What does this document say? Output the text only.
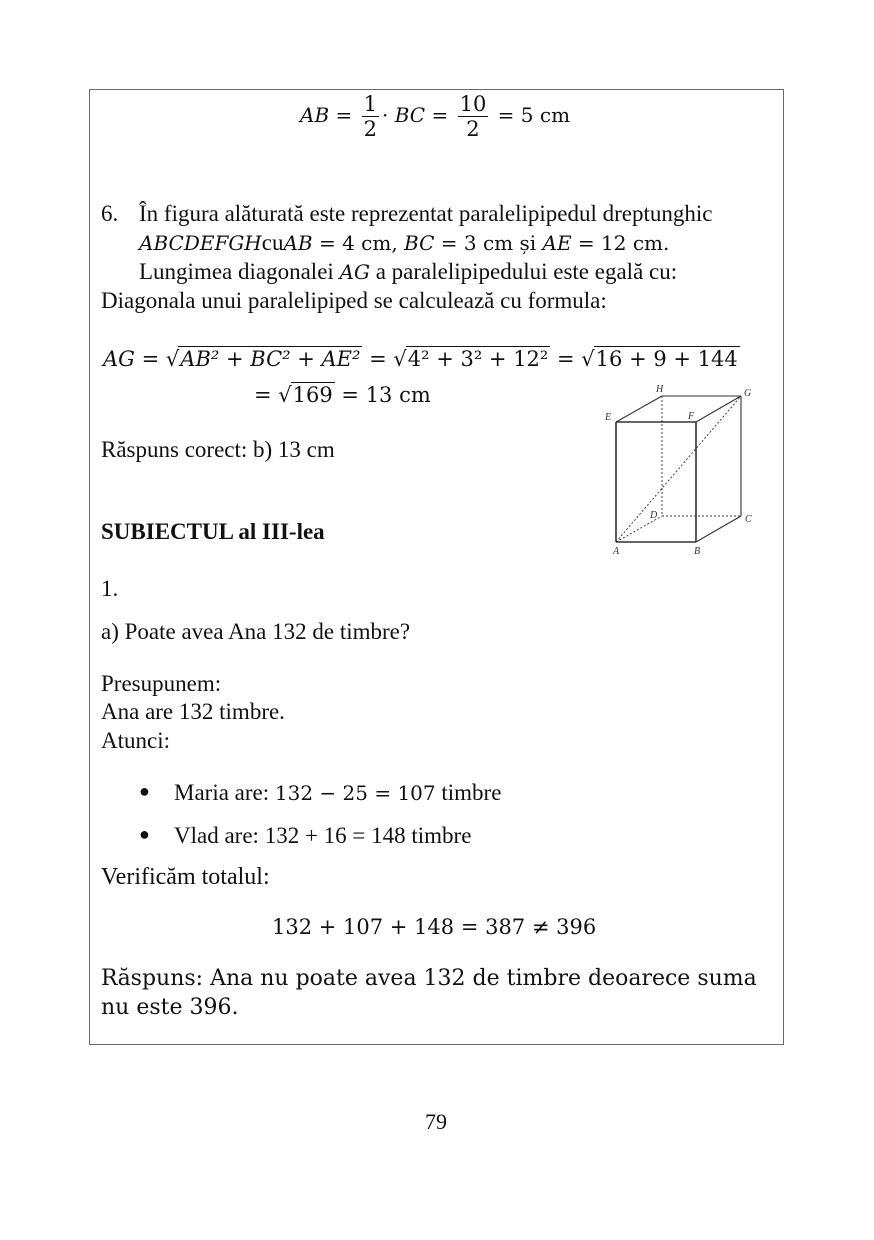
AB = $\frac{1}{2}$ · BC = $\frac{10}{2} = 5$ cm
6. În figura alăturată este reprezentat paralelipipedul dreptunghic
ABCDEFGHcuAB = 4 cm, BC = 3 cm și AE = 12 cm.
Lungimea diagonalei AG a paralelipipedului este egală cu:
Diagonala unui paralelipiped se calculează cu formula:
AG = √AB² + BC² + AE² = √4² + 3² + 12² = √16 + 9 + 144
= √169 = 13 cm
Răspuns corect: b) 13 cm
A	B
C
D
E	F
G
H
SUBIECTUL al III-lea
1.
a) Poate avea Ana 132 de timbre?
Presupunem:
Ana are 132 timbre.
Atunci:
● Maria are: 132 − 25 = 107 timbre
● Vlad are: 132 + 16 = 148 timbre
Verificăm totalul:
132 + 107 + 148 = 387 ≠ 396
Răspuns: Ana nu poate avea 132 de timbre deoarece suma
nu este 396.
79
